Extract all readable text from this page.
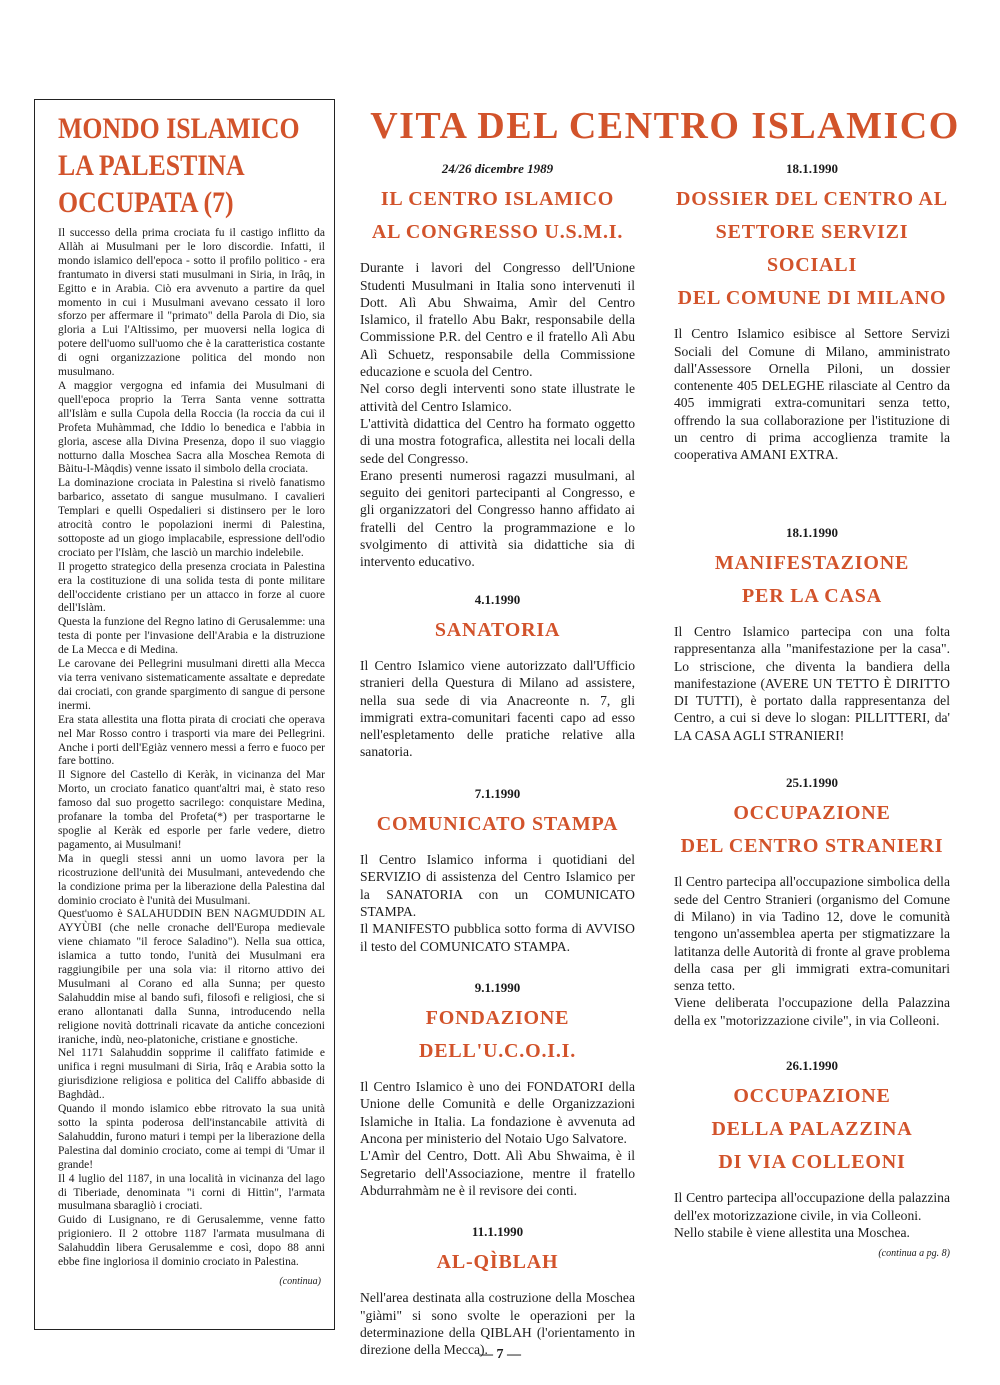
MONDO ISLAMICO
LA PALESTINA
OCCUPATA (7)

Il successo della prima crociata fu il castigo inflitto da Allàh ai Musulmani per le loro discordie. Infatti, il mondo islamico dell'epoca - sotto il profilo politico - era frantumato in diversi stati musulmani in Siria, in Irâq, in Egitto e in Arabia. Ciò era avvenuto a partire da quel momento in cui i Musulmani avevano cessato il loro sforzo per affermare il "primato" della Parola di Dio, sia gloria a Lui l'Altissimo, per muoversi nella logica di potere dell'uomo sull'uomo che è la caratteristica costante di ogni organizzazione politica del mondo non musulmano.

A maggior vergogna ed infamia dei Musulmani di quell'epoca proprio la Terra Santa venne sottratta all'Islàm e sulla Cupola della Roccia (la roccia da cui il Profeta Muhàmmad, che Iddio lo benedica e l'abbia in gloria, ascese alla Divina Presenza, dopo il suo viaggio notturno dalla Moschea Sacra alla Moschea Remota di Bàitu-l-Màqdis) venne issato il simbolo della crociata.

La dominazione crociata in Palestina si rivelò fanatismo barbarico, assetato di sangue musulmano. I cavalieri Templari e quelli Ospedalieri si distinsero per le loro atrocità contro le popolazioni inermi di Palestina, sottoposte ad un giogo implacabile, espressione dell'odio crociato per l'Islàm, che lasciò un marchio indelebile.

Il progetto strategico della presenza crociata in Palestina era la costituzione di una solida testa di ponte militare dell'occidente cristiano per un attacco in forze al cuore dell'Islàm.

Questa la funzione del Regno latino di Gerusalemme: una testa di ponte per l'invasione dell'Arabia e la distruzione de La Mecca e di Medina.

Le carovane dei Pellegrini musulmani diretti alla Mecca via terra venivano sistematicamente assaltate e depredate dai crociati, con grande spargimento di sangue di persone inermi.

Era stata allestita una flotta pirata di crociati che operava nel Mar Rosso contro i trasporti via mare dei Pellegrini. Anche i porti dell'Egiàz vennero messi a ferro e fuoco per fare bottino.

Il Signore del Castello di Keràk, in vicinanza del Mar Morto, un crociato fanatico quant'altri mai, è stato reso famoso dal suo progetto sacrilego: conquistare Medina, profanare la tomba del Profeta(*) per trasportarne le spoglie al Keràk ed esporle per farle vedere, dietro pagamento, ai Musulmani!

Ma in quegli stessi anni un uomo lavora per la ricostruzione dell'unità dei Musulmani, antevedendo che la condizione prima per la liberazione della Palestina dal dominio crociato è l'unità dei Musulmani.

Quest'uomo è SALAHUDDIN BEN NAGMUDDIN AL AYYÙBI (che nelle cronache dell'Europa medievale viene chiamato "il feroce Saladino"). Nella sua ottica, islamica a tutto tondo, l'unità dei Musulmani era raggiungibile per una sola via: il ritorno attivo dei Musulmani al Corano ed alla Sunna; per questo Salahuddin mise al bando sufi, filosofi e religiosi, che si erano allontanati dalla Sunna, introducendo nella religione novità dottrinali ricavate da antiche concezioni iraniche, indù, neo-platoniche, cristiane e gnostiche.

Nel 1171 Salahuddin sopprime il califfato fatimide e unifica i regni musulmani di Siria, Irâq e Arabia sotto la giurisdizione religiosa e politica del Califfo abbaside di Baghdàd..

Quando il mondo islamico ebbe ritrovato la sua unità sotto la spinta poderosa dell'instancabile attività di Salahuddin, furono maturi i tempi per la liberazione della Palestina dal dominio crociato, come ai tempi di 'Umar il grande!

Il 4 luglio del 1187, in una località in vicinanza del lago di Tiberiade, denominata "i corni di Hittìn", l'armata musulmana sbaragliò i crociati.

Guido di Lusignano, re di Gerusalemme, venne fatto prigioniero. Il 2 ottobre 1187 l'armata musulmana di Salahuddìn libera Gerusalemme e così, dopo 88 anni ebbe fine ingloriosa il dominio crociato in Palestina.

(continua)
VITA DEL CENTRO ISLAMICO
24/26 dicembre 1989
IL CENTRO ISLAMICO
AL CONGRESSO U.S.M.I.

Durante i lavori del Congresso dell'Unione Studenti Musulmani in Italia sono intervenuti il Dott. Alì Abu Shwaima, Amìr del Centro Islamico, il fratello Abu Bakr, responsabile della Commissione P.R. del Centro e il fratello Alì Abu Alì Schuetz, responsabile della Commissione educazione e scuola del Centro.

Nel corso degli interventi sono state illustrate le attività del Centro Islamico.

L'attività didattica del Centro ha formato oggetto di una mostra fotografica, allestita nei locali della sede del Congresso.

Erano presenti numerosi ragazzi musulmani, al seguito dei genitori partecipanti al Congresso, e gli organizzatori del Congresso hanno affidato ai fratelli del Centro la programmazione e lo svolgimento di attività sia didattiche sia di intervento educativo.

4.1.1990
SANATORIA

Il Centro Islamico viene autorizzato dall'Ufficio stranieri della Questura di Milano ad assistere, nella sua sede di via Anacreonte n. 7, gli immigrati extra-comunitari facenti capo ad esso nell'espletamento delle pratiche relative alla sanatoria.

7.1.1990
COMUNICATO STAMPA

Il Centro Islamico informa i quotidiani del SERVIZIO di assistenza del Centro Islamico per la SANATORIA con un COMUNICATO STAMPA.

Il MANIFESTO pubblica sotto forma di AVVISO il testo del COMUNICATO STAMPA.

9.1.1990
FONDAZIONE
DELL'U.C.O.I.I.

Il Centro Islamico è uno dei FONDATORI della Unione delle Comunità e delle Organizzazioni Islamiche in Italia. La fondazione è avvenuta ad Ancona per ministerio del Notaio Ugo Salvatore.

L'Amìr del Centro, Dott. Alì Abu Shwaima, è il Segretario dell'Associazione, mentre il fratello Abdurrahmàm ne è il revisore dei conti.

11.1.1990
AL-QÌBLAH

Nell'area destinata alla costruzione della Moschea "giàmi" si sono svolte le operazioni per la determinazione della QIBLAH (l'orientamento in direzione della Mecca).

18.1.1990
DOSSIER DEL CENTRO AL
SETTORE SERVIZI SOCIALI
DEL COMUNE DI MILANO

Il Centro Islamico esibisce al Settore Servizi Sociali del Comune di Milano, amministrato dall'Assessore Ornella Piloni, un dossier contenente 405 DELEGHE rilasciate al Centro da 405 immigrati extra-comunitari senza tetto, offrendo la sua collaborazione per l'istituzione di un centro di prima accoglienza tramite la cooperativa AMANI EXTRA.

18.1.1990
MANIFESTAZIONE
PER LA CASA

Il Centro Islamico partecipa con una folta rappresentanza alla "manifestazione per la casa". Lo striscione, che diventa la bandiera della manifestazione (AVERE UN TETTO È DIRITTO DI TUTTI), è portato dalla rappresentanza del Centro, a cui si deve lo slogan: PILLITTERI, da' LA CASA AGLI STRANIERI!

25.1.1990
OCCUPAZIONE
DEL CENTRO STRANIERI

Il Centro partecipa all'occupazione simbolica della sede del Centro Stranieri (organismo del Comune di Milano) in via Tadino 12, dove le comunità tengono un'assemblea aperta per stigmatizzare la latitanza delle Autorità di fronte al grave problema della casa per gli immigrati extra-comunitari senza tetto.

Viene deliberata l'occupazione della Palazzina della ex "motorizzazione civile", in via Colleoni.

26.1.1990
OCCUPAZIONE
DELLA PALAZZINA
DI VIA COLLEONI

Il Centro partecipa all'occupazione della palazzina dell'ex motorizzazione civile, in via Colleoni.

Nello stabile è viene allestita una Moschea.

(continua a pg. 8)
— 7 —
